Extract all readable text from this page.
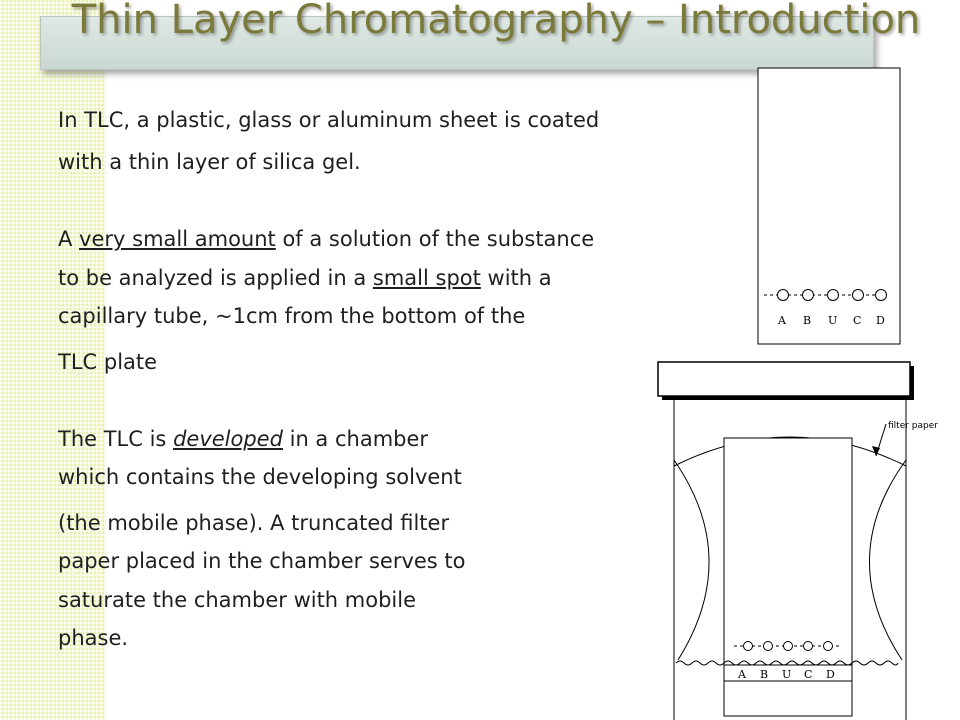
Thin Layer Chromatography – Introduction

In TLC, a plastic, glass or aluminum sheet is coated

with a thin layer of silica gel.

A very small amount of a solution of the substance

to be analyzed is applied in a small spot with a

capillary tube, ~1cm from the bottom of the

TLC plate

The TLC is developed in a chamber

which contains the developing solvent

(the mobile phase). A truncated filter

paper placed in the chamber serves to

saturate the chamber with mobile

phase.

A B U C D
filter paper
A B U C D
